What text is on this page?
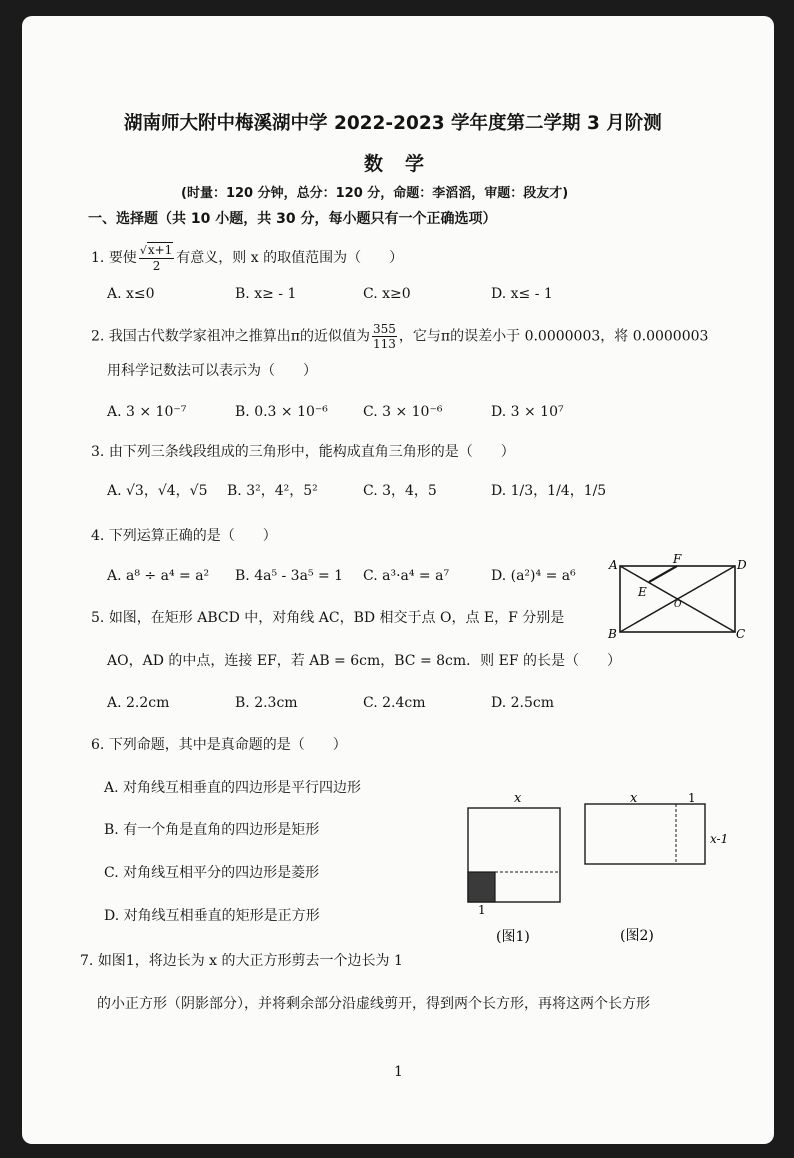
湖南师大附中梅溪湖中学 2022-2023 学年度第二学期 3 月阶测
数学
(时量：120 分钟，总分：120 分，命题：李滔滔，审题：段友才)
一、选择题（共 10 小题，共 30 分，每小题只有一个正确选项）
1. 要使 $\frac{√x+1}{2}$ 有意义，则 x 的取值范围为（　　）
A. x≤0	B. x≥ - 1	C. x≥0	D. x≤ - 1
2. 我国古代数学家祖冲之推算出π的近似值为 $\frac{355}{113}$ ，它与π的误差小于 0.0000003，将 0.0000003
用科学记数法可以表示为（　　）
A. 3 × 10⁻⁷	B. 0.3 × 10⁻⁶	C. 3 × 10⁻⁶	D. 3 × 10⁷
3. 由下列三条线段组成的三角形中，能构成直角三角形的是（　　）
A. √3，√4，√5 B. 3²，4²，5²	C. 3，4，5	D. 1/3，1/4，1/5
4. 下列运算正确的是（　　）
A. a⁸ ÷ a⁴ = a² B. 4a⁵ - 3a⁵ = 1 C. a³·a⁴ = a⁷	D. (a²)⁴ = a⁶
5. 如图，在矩形 ABCD 中，对角线 AC，BD 相交于点 O，点 E，F 分别是
AO，AD 的中点，连接 EF，若 AB = 6cm，BC = 8cm．则 EF 的长是（　　）
A. 2.2cm	B. 2.3cm	C. 2.4cm	D. 2.5cm
A	F	D
E
O
B	C
6. 下列命题，其中是真命题的是（　　）
A. 对角线互相垂直的四边形是平行四边形
B. 有一个角是直角的四边形是矩形
C. 对角线互相平分的四边形是菱形
D. 对角线互相垂直的矩形是正方形
x
1
(图1)
x	1
x-1
(图2)
7. 如图1，将边长为 x 的大正方形剪去一个边长为 1
的小正方形（阴影部分），并将剩余部分沿虚线剪开，得到两个长方形，再将这两个长方形
1
